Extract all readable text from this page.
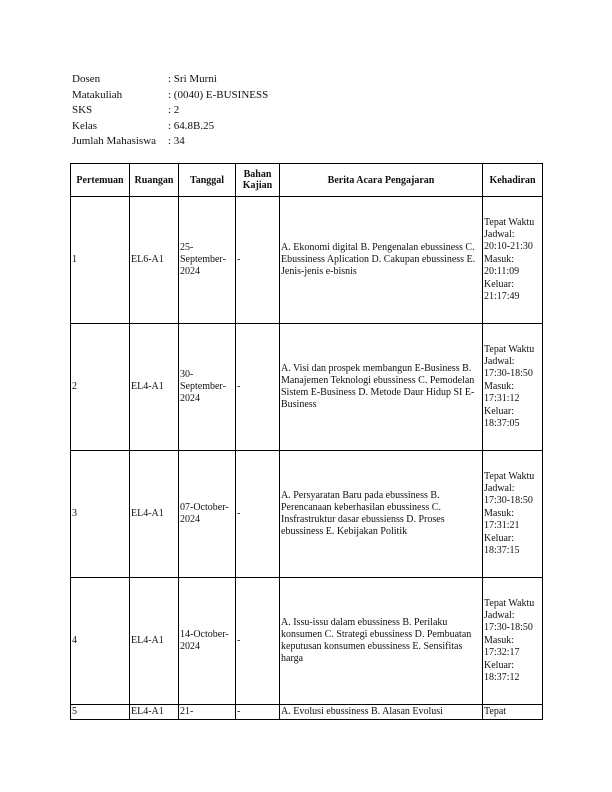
Dosen	: Sri Murni
Matakuliah	: (0040) E-BUSINESS
SKS	: 2
Kelas	: 64.8B.25
Jumlah Mahasiswa	: 34
Pertemuan	Ruangan	Tanggal	Bahan Kajian	Berita Acara Pengajaran	Kehadiran
1	EL6-A1	25-September-2024	-	A. Ekonomi digital B. Pengenalan ebussiness C. Ebussiness Aplication D. Cakupan ebussiness E. Jenis-jenis e-bisnis	Tepat Waktu Jadwal: 20:10-21:30 Masuk: 20:11:09 Keluar: 21:17:49
2	EL4-A1	30-September-2024	-	A. Visi dan prospek membangun E-Business B. Manajemen Teknologi ebussiness C. Pemodelan Sistem E-Business D. Metode Daur Hidup SI E-Business	Tepat Waktu Jadwal: 17:30-18:50 Masuk: 17:31:12 Keluar: 18:37:05
3	EL4-A1	07-October-2024	-	A. Persyaratan Baru pada ebussiness B. Perencanaan keberhasilan ebussiness C. Insfrastruktur dasar ebussienss D. Proses ebussiness E. Kebijakan Politik	Tepat Waktu Jadwal: 17:30-18:50 Masuk: 17:31:21 Keluar: 18:37:15
4	EL4-A1	14-October-2024	-	A. Issu-issu dalam ebussiness B. Perilaku konsumen C. Strategi ebussiness D. Pembuatan keputusan konsumen ebussiness E. Sensifitas harga	Tepat Waktu Jadwal: 17:30-18:50 Masuk: 17:32:17 Keluar: 18:37:12
5	EL4-A1	21-	-	A. Evolusi ebussiness B. Alasan Evolusi	Tepat
